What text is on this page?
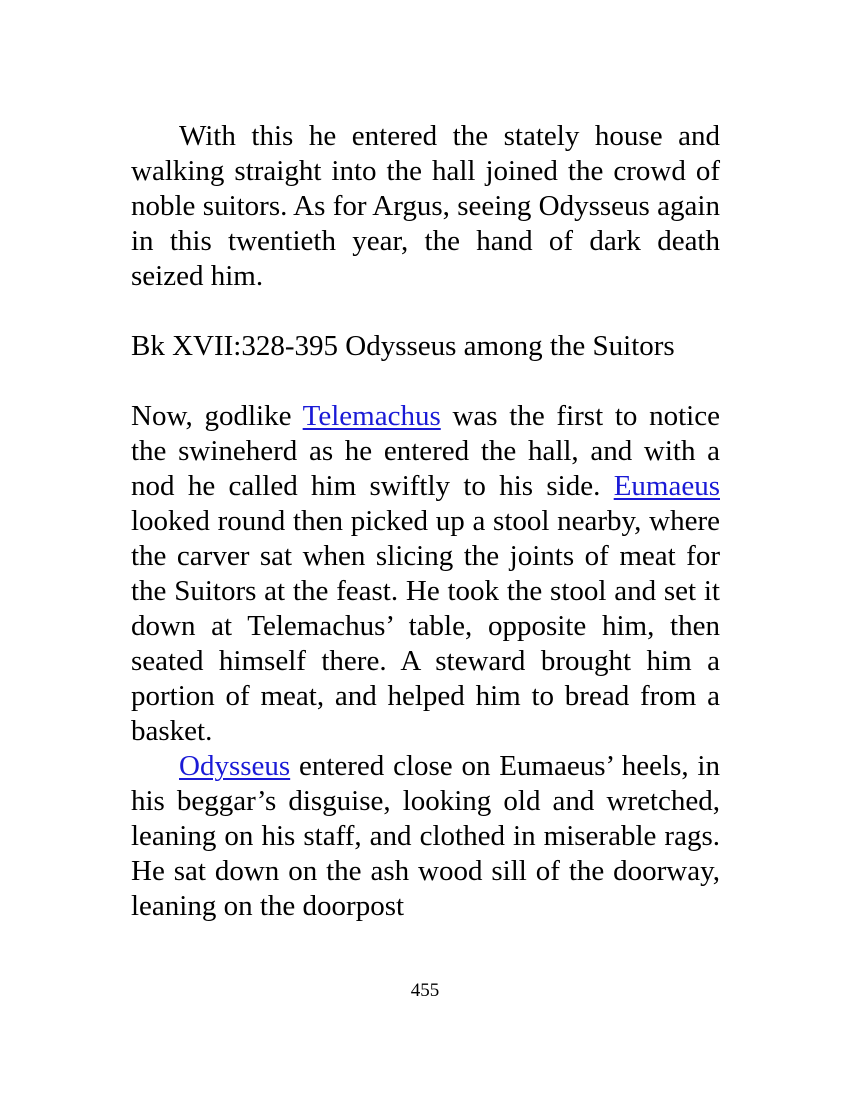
With this he entered the stately house and walking straight into the hall joined the crowd of noble suitors. As for Argus, seeing Odysseus again in this twentieth year, the hand of dark death seized him.

Bk XVII:328-395 Odysseus among the Suitors

Now, godlike Telemachus was the first to notice the swineherd as he entered the hall, and with a nod he called him swiftly to his side. Eumaeus looked round then picked up a stool nearby, where the carver sat when slicing the joints of meat for the Suitors at the feast. He took the stool and set it down at Telemachus’ table, opposite him, then seated himself there. A steward brought him a portion of meat, and helped him to bread from a basket.

Odysseus entered close on Eumaeus’ heels, in his beggar’s disguise, looking old and wretched, leaning on his staff, and clothed in miserable rags. He sat down on the ash wood sill of the doorway, leaning on the doorpost

455
